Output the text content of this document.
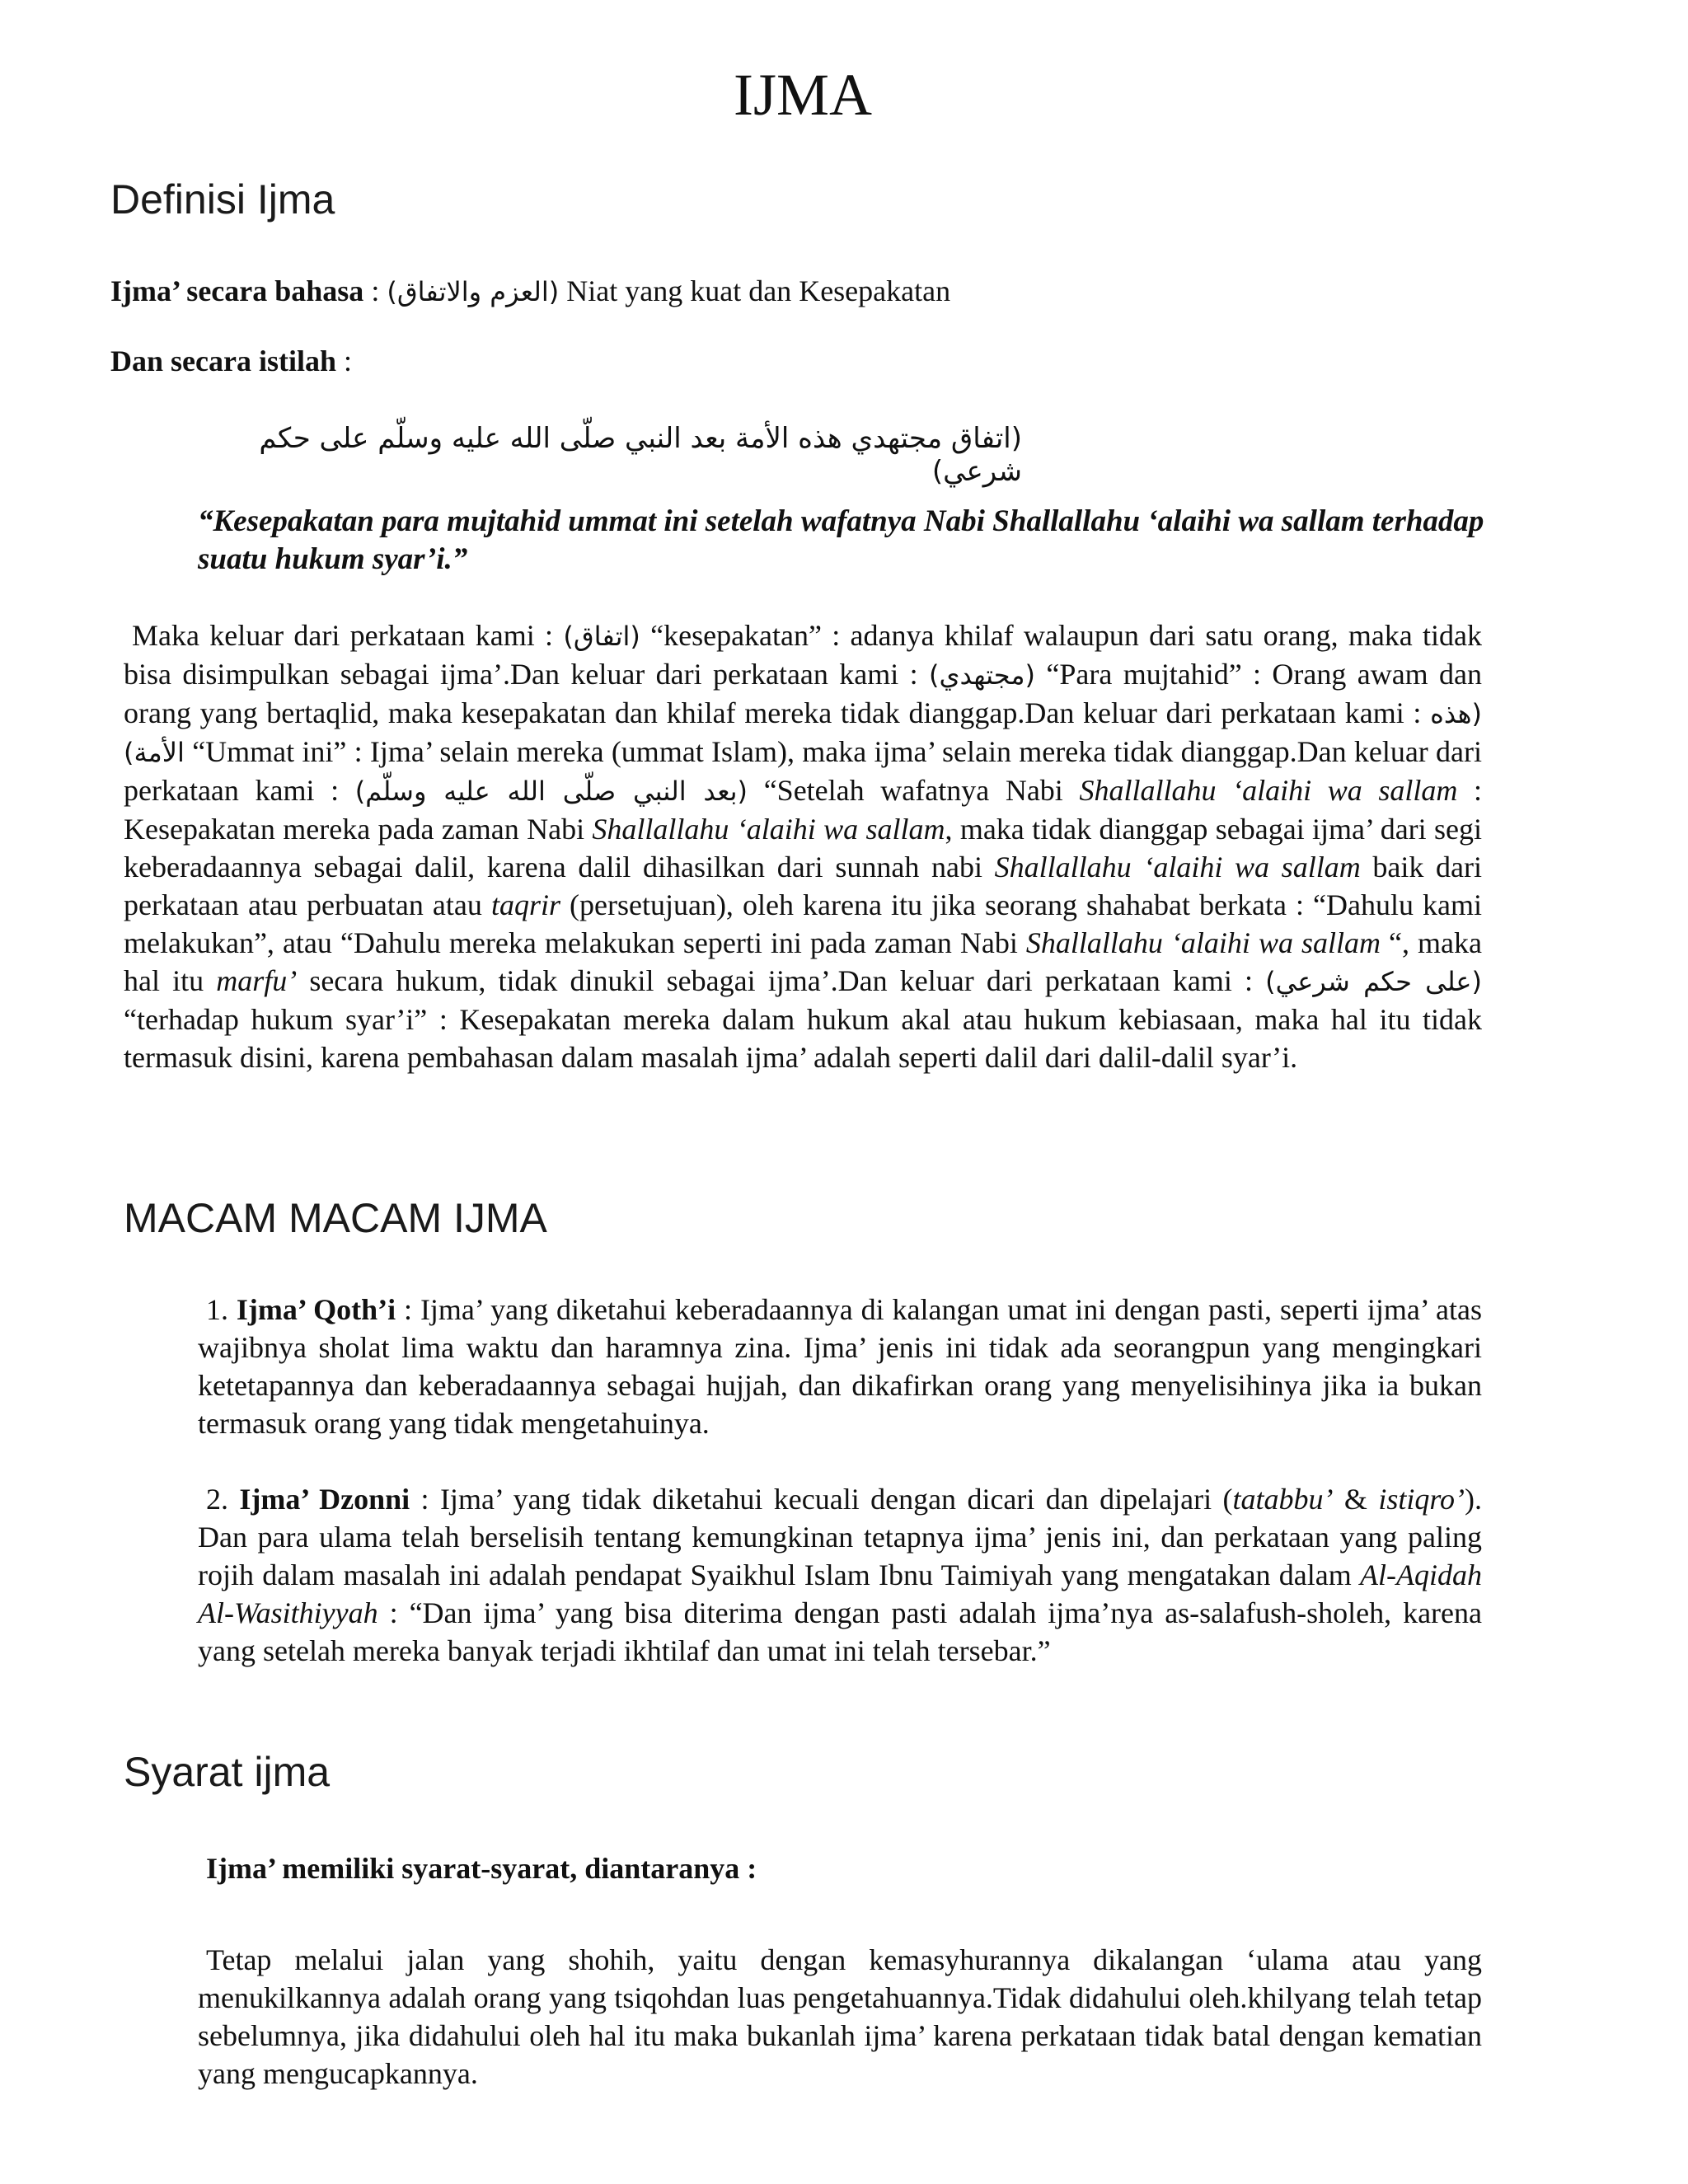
IJMA
Definisi Ijma

Ijma’ secara bahasa : (العزم والاتفاق) Niat yang kuat dan Kesepakatan

Dan secara istilah :

(اتفاق مجتهدي هذه الأمة بعد النبي صلّى الله عليه وسلّم على حكم شرعي)

“Kesepakatan para mujtahid ummat ini setelah wafatnya Nabi Shallallahu ‘alaihi wa sallam terhadap suatu hukum syar’i.”

Maka keluar dari perkataan kami : (اتفاق) “kesepakatan” : adanya khilaf walaupun dari satu orang, maka tidak bisa disimpulkan sebagai ijma’.Dan keluar dari perkataan kami : (مجتهدي) “Para mujtahid” : Orang awam dan orang yang bertaqlid, maka kesepakatan dan khilaf mereka tidak dianggap.Dan keluar dari perkataan kami : (هذه الأمة) “Ummat ini” : Ijma’ selain mereka (ummat Islam), maka ijma’ selain mereka tidak dianggap.Dan keluar dari perkataan kami : (بعد النبي صلّى الله عليه وسلّم) “Setelah wafatnya Nabi Shallallahu ‘alaihi wa sallam : Kesepakatan mereka pada zaman Nabi Shallallahu ‘alaihi wa sallam, maka tidak dianggap sebagai ijma’ dari segi keberadaannya sebagai dalil, karena dalil dihasilkan dari sunnah nabi Shallallahu ‘alaihi wa sallam baik dari perkataan atau perbuatan atau taqrir (persetujuan), oleh karena itu jika seorang shahabat berkata : “Dahulu kami melakukan”, atau “Dahulu mereka melakukan seperti ini pada zaman Nabi Shallallahu ‘alaihi wa sallam “, maka hal itu marfu’ secara hukum, tidak dinukil sebagai ijma’.Dan keluar dari perkataan kami : (على حكم شرعي) “terhadap hukum syar’i” : Kesepakatan mereka dalam hukum akal atau hukum kebiasaan, maka hal itu tidak termasuk disini, karena pembahasan dalam masalah ijma’ adalah seperti dalil dari dalil-dalil syar’i.

MACAM MACAM IJMA

1. Ijma’ Qoth’i : Ijma’ yang diketahui keberadaannya di kalangan umat ini dengan pasti, seperti ijma’ atas wajibnya sholat lima waktu dan haramnya zina. Ijma’ jenis ini tidak ada seorangpun yang mengingkari ketetapannya dan keberadaannya sebagai hujjah, dan dikafirkan orang yang menyelisihinya jika ia bukan termasuk orang yang tidak mengetahuinya.

2. Ijma’ Dzonni : Ijma’ yang tidak diketahui kecuali dengan dicari dan dipelajari (tatabbu’ & istiqro’). Dan para ulama telah berselisih tentang kemungkinan tetapnya ijma’ jenis ini, dan perkataan yang paling rojih dalam masalah ini adalah pendapat Syaikhul Islam Ibnu Taimiyah yang mengatakan dalam Al-Aqidah Al-Wasithiyyah : “Dan ijma’ yang bisa diterima dengan pasti adalah ijma’nya as-salafush-sholeh, karena yang setelah mereka banyak terjadi ikhtilaf dan umat ini telah tersebar.”

Syarat ijma

Ijma’ memiliki syarat-syarat, diantaranya :

Tetap melalui jalan yang shohih, yaitu dengan kemasyhurannya dikalangan ‘ulama atau yang menukilkannya adalah orang yang tsiqohdan luas pengetahuannya.Tidak didahului oleh.khilyang telah tetap sebelumnya, jika didahului oleh hal itu maka bukanlah ijma’ karena perkataan tidak batal dengan kematian yang mengucapkannya.
